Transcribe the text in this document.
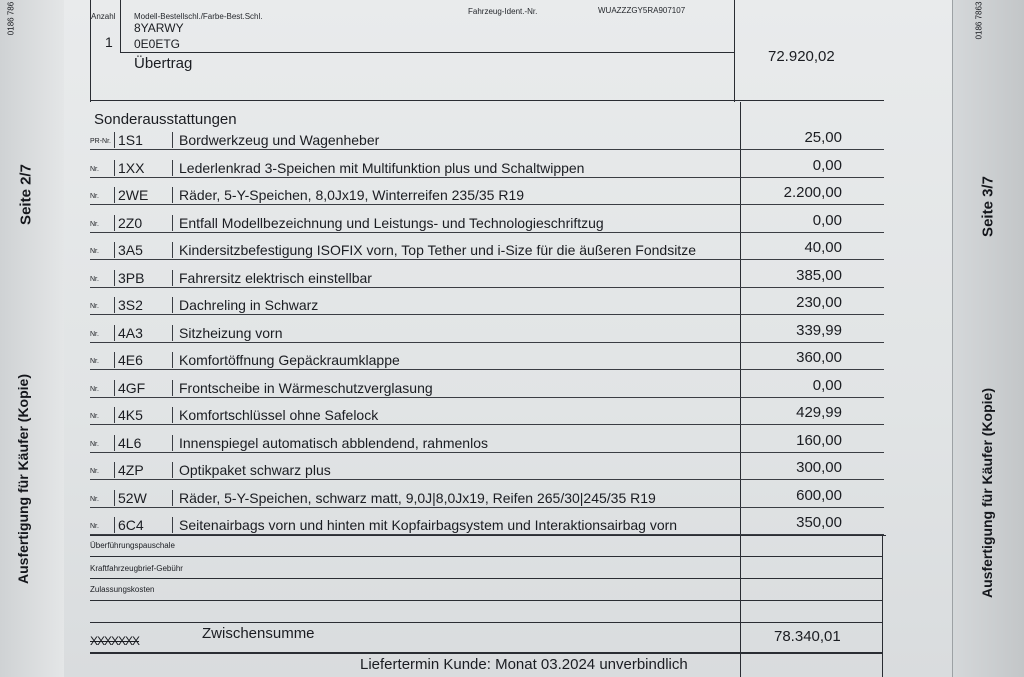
0186 786
Seite 2/7
Ausfertigung für Käufer (Kopie)
0186 7863
Seite 3/7
Ausfertigung für Käufer (Kopie)
Anzahl Modell-Bestellschl./Farbe-Best.Schl.
Fahrzeug-Ident.-Nr.	WUAZZZGY5RA907107
1
8YARWY
0E0ETG
Übertrag	72.920,02
Sonderausstattungen
PR-Nr. 1S1	Bordwerkzeug und Wagenheber	25,00
Nr. 1XX	Lederlenkrad 3-Speichen mit Multifunktion plus und Schaltwippen	0,00
Nr. 2WE	Räder, 5-Y-Speichen, 8,0Jx19, Winterreifen 235/35 R19	2.200,00
Nr. 2Z0	Entfall Modellbezeichnung und Leistungs- und Technologieschriftzug	0,00
Nr. 3A5	Kindersitzbefestigung ISOFIX vorn, Top Tether und i-Size für die äußeren Fondsitze	40,00
Nr. 3PB	Fahrersitz elektrisch einstellbar	385,00
Nr. 3S2	Dachreling in Schwarz	230,00
Nr. 4A3	Sitzheizung vorn	339,99
Nr. 4E6	Komfortöffnung Gepäckraumklappe	360,00
Nr. 4GF	Frontscheibe in Wärmeschutzverglasung	0,00
Nr. 4K5	Komfortschlüssel ohne Safelock	429,99
Nr. 4L6	Innenspiegel automatisch abblendend, rahmenlos	160,00
Nr. 4ZP	Optikpaket schwarz plus	300,00
Nr. 52W	Räder, 5-Y-Speichen, schwarz matt, 9,0J|8,0Jx19, Reifen 265/30|245/35 R19	600,00
Nr. 6C4	Seitenairbags vorn und hinten mit Kopfairbagsystem und Interaktionsairbag vorn	350,00
Überführungspauschale
Kraftfahrzeugbrief-Gebühr
Zulassungskosten
XXXXXXX	Zwischensumme	78.340,01
Liefertermin Kunde: Monat 03.2024 unverbindlich
